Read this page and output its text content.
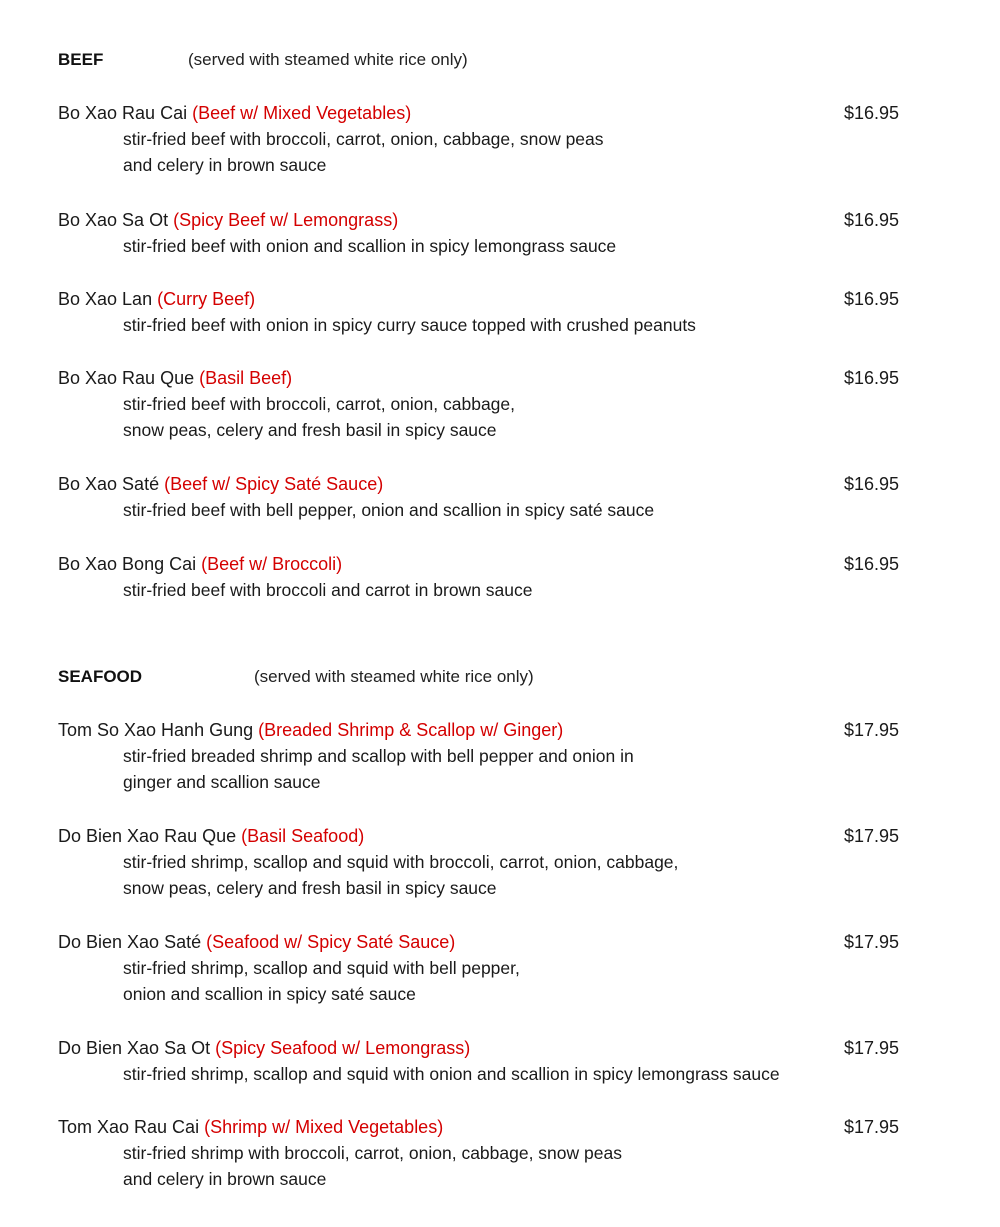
BEEF	(served with steamed white rice only)
Bo Xao Rau Cai (Beef w/ Mixed Vegetables)	$16.95
stir-fried beef with broccoli, carrot, onion, cabbage, snow peas
and celery in brown sauce
Bo Xao Sa Ot (Spicy Beef w/ Lemongrass)	$16.95
stir-fried beef with onion and scallion in spicy lemongrass sauce
Bo Xao Lan (Curry Beef)	$16.95
stir-fried beef with onion in spicy curry sauce topped with crushed peanuts
Bo Xao Rau Que (Basil Beef)	$16.95
stir-fried beef with broccoli, carrot, onion, cabbage,
snow peas, celery and fresh basil in spicy sauce
Bo Xao Saté (Beef w/ Spicy Saté Sauce)	$16.95
stir-fried beef with bell pepper, onion and scallion in spicy saté sauce
Bo Xao Bong Cai (Beef w/ Broccoli)	$16.95
stir-fried beef with broccoli and carrot in brown sauce
SEAFOOD	(served with steamed white rice only)
Tom So Xao Hanh Gung (Breaded Shrimp & Scallop w/ Ginger)	$17.95
stir-fried breaded shrimp and scallop with bell pepper and onion in
ginger and scallion sauce
Do Bien Xao Rau Que (Basil Seafood)	$17.95
stir-fried shrimp, scallop and squid with broccoli, carrot, onion, cabbage,
snow peas, celery and fresh basil in spicy sauce
Do Bien Xao Saté (Seafood w/ Spicy Saté Sauce)	$17.95
stir-fried shrimp, scallop and squid with bell pepper,
onion and scallion in spicy saté sauce
Do Bien Xao Sa Ot (Spicy Seafood w/ Lemongrass)	$17.95
stir-fried shrimp, scallop and squid with onion and scallion in spicy lemongrass sauce
Tom Xao Rau Cai (Shrimp w/ Mixed Vegetables)	$17.95
stir-fried shrimp with broccoli, carrot, onion, cabbage, snow peas
and celery in brown sauce
